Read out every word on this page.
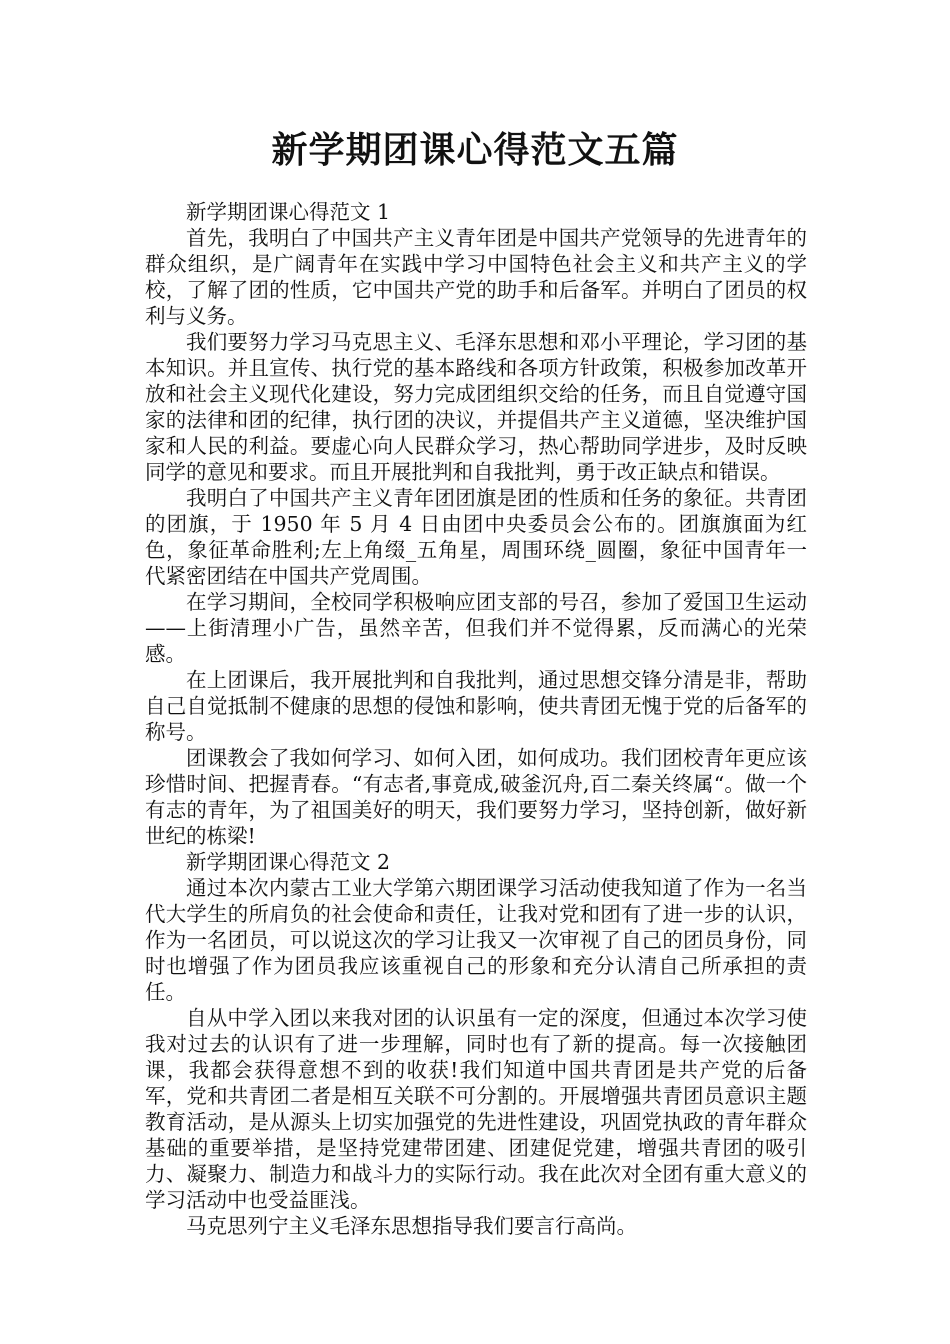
新学期团课心得范文五篇

新学期团课心得范文 1

首先，我明白了中国共产主义青年团是中国共产党领导的先进青年的群众组织，是广阔青年在实践中学习中国特色社会主义和共产主义的学校，了解了团的性质，它中国共产党的助手和后备军。并明白了团员的权利与义务。

我们要努力学习马克思主义、毛泽东思想和邓小平理论，学习团的基本知识。并且宣传、执行党的基本路线和各项方针政策，积极参加改革开放和社会主义现代化建设，努力完成团组织交给的任务，而且自觉遵守国家的法律和团的纪律，执行团的决议，并提倡共产主义道德，坚决维护国家和人民的利益。要虚心向人民群众学习，热心帮助同学进步，及时反映同学的意见和要求。而且开展批判和自我批判，勇于改正缺点和错误。

我明白了中国共产主义青年团团旗是团的性质和任务的象征。共青团的团旗，于 1950 年 5 月 4 日由团中央委员会公布的。团旗旗面为红色，象征革命胜利;左上角缀_五角星，周围环绕_圆圈，象征中国青年一代紧密团结在中国共产党周围。

在学习期间，全校同学积极响应团支部的号召，参加了爱国卫生运动——上街清理小广告，虽然辛苦，但我们并不觉得累，反而满心的光荣感。

在上团课后，我开展批判和自我批判，通过思想交锋分清是非，帮助自己自觉抵制不健康的思想的侵蚀和影响，使共青团无愧于党的后备军的称号。

团课教会了我如何学习、如何入团，如何成功。我们团校青年更应该珍惜时间、把握青春。“有志者,事竟成,破釜沉舟,百二秦关终属“。做一个有志的青年，为了祖国美好的明天，我们要努力学习，坚持创新，做好新世纪的栋梁!

新学期团课心得范文 2

通过本次内蒙古工业大学第六期团课学习活动使我知道了作为一名当代大学生的所肩负的社会使命和责任，让我对党和团有了进一步的认识，作为一名团员，可以说这次的学习让我又一次审视了自己的团员身份，同时也增强了作为团员我应该重视自己的形象和充分认清自己所承担的责任。

自从中学入团以来我对团的认识虽有一定的深度，但通过本次学习使我对过去的认识有了进一步理解，同时也有了新的提高。每一次接触团课，我都会获得意想不到的收获!我们知道中国共青团是共产党的后备军，党和共青团二者是相互关联不可分割的。开展增强共青团员意识主题教育活动，是从源头上切实加强党的先进性建设，巩固党执政的青年群众基础的重要举措，是坚持党建带团建、团建促党建，增强共青团的吸引力、凝聚力、制造力和战斗力的实际行动。我在此次对全团有重大意义的学习活动中也受益匪浅。

马克思列宁主义毛泽东思想指导我们要言行高尚。
